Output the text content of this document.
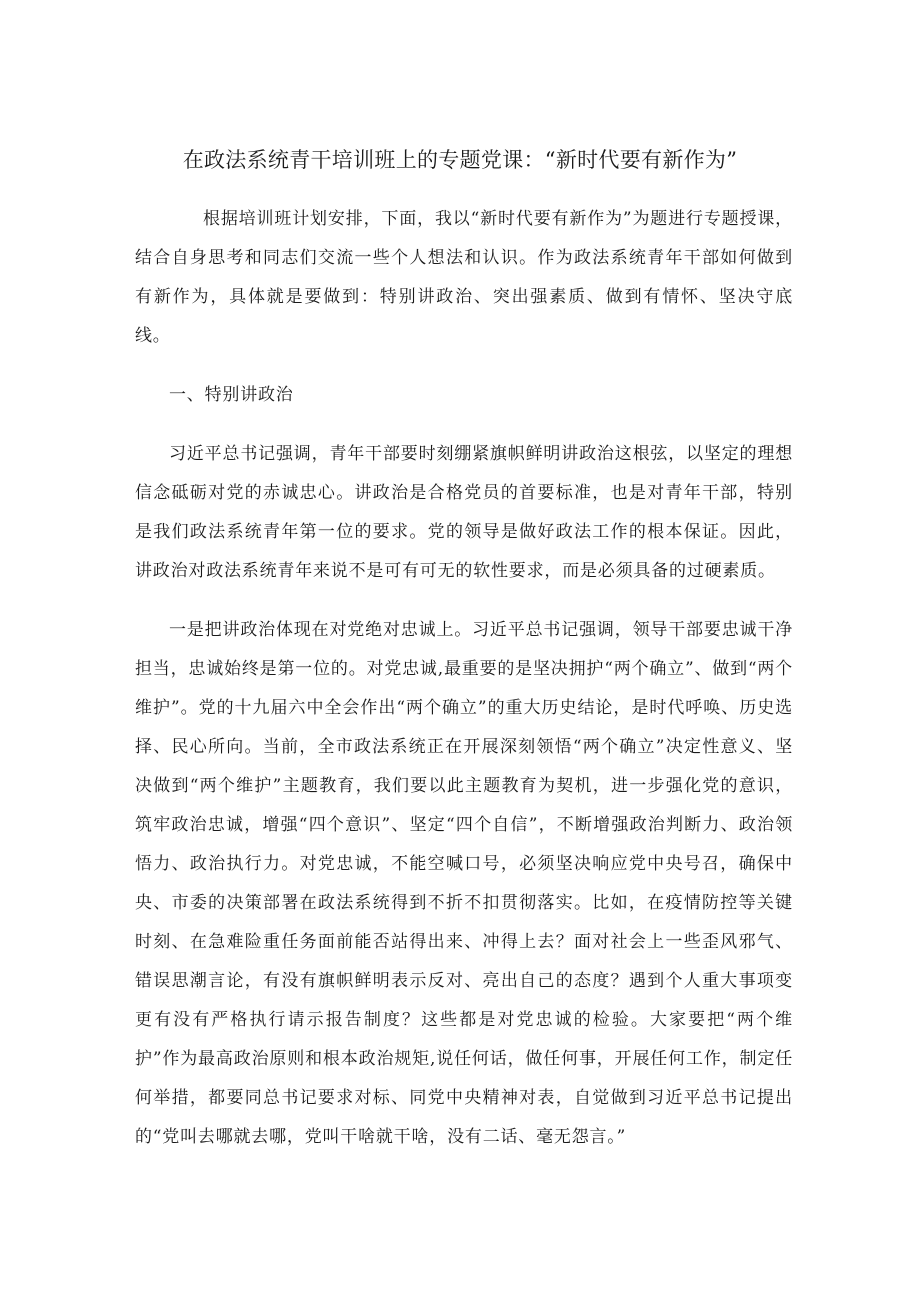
在政法系统青干培训班上的专题党课：“新时代要有新作为”

根据培训班计划安排，下面，我以“新时代要有新作为”为题进行专题授课，结合自身思考和同志们交流一些个人想法和认识。作为政法系统青年干部如何做到有新作为，具体就是要做到：特别讲政治、突出强素质、做到有情怀、坚决守底线。

一、特别讲政治

习近平总书记强调，青年干部要时刻绷紧旗帜鲜明讲政治这根弦，以坚定的理想信念砥砺对党的赤诚忠心。讲政治是合格党员的首要标准，也是对青年干部，特别是我们政法系统青年第一位的要求。党的领导是做好政法工作的根本保证。因此，讲政治对政法系统青年来说不是可有可无的软性要求，而是必须具备的过硬素质。

一是把讲政治体现在对党绝对忠诚上。习近平总书记强调，领导干部要忠诚干净担当，忠诚始终是第一位的。对党忠诚,最重要的是坚决拥护“两个确立”、做到“两个维护”。党的十九届六中全会作出“两个确立”的重大历史结论，是时代呼唤、历史选择、民心所向。当前，全市政法系统正在开展深刻领悟“两个确立”决定性意义、坚决做到“两个维护”主题教育，我们要以此主题教育为契机，进一步强化党的意识，筑牢政治忠诚，增强“四个意识”、坚定“四个自信”，不断增强政治判断力、政治领悟力、政治执行力。对党忠诚，不能空喊口号，必须坚决响应党中央号召，确保中央、市委的决策部署在政法系统得到不折不扣贯彻落实。比如，在疫情防控等关键时刻、在急难险重任务面前能否站得出来、冲得上去？面对社会上一些歪风邪气、错误思潮言论，有没有旗帜鲜明表示反对、亮出自己的态度？遇到个人重大事项变更有没有严格执行请示报告制度？这些都是对党忠诚的检验。大家要把“两个维护”作为最高政治原则和根本政治规矩,说任何话，做任何事，开展任何工作，制定任何举措，都要同总书记要求对标、同党中央精神对表，自觉做到习近平总书记提出的“党叫去哪就去哪，党叫干啥就干啥，没有二话、毫无怨言。”
